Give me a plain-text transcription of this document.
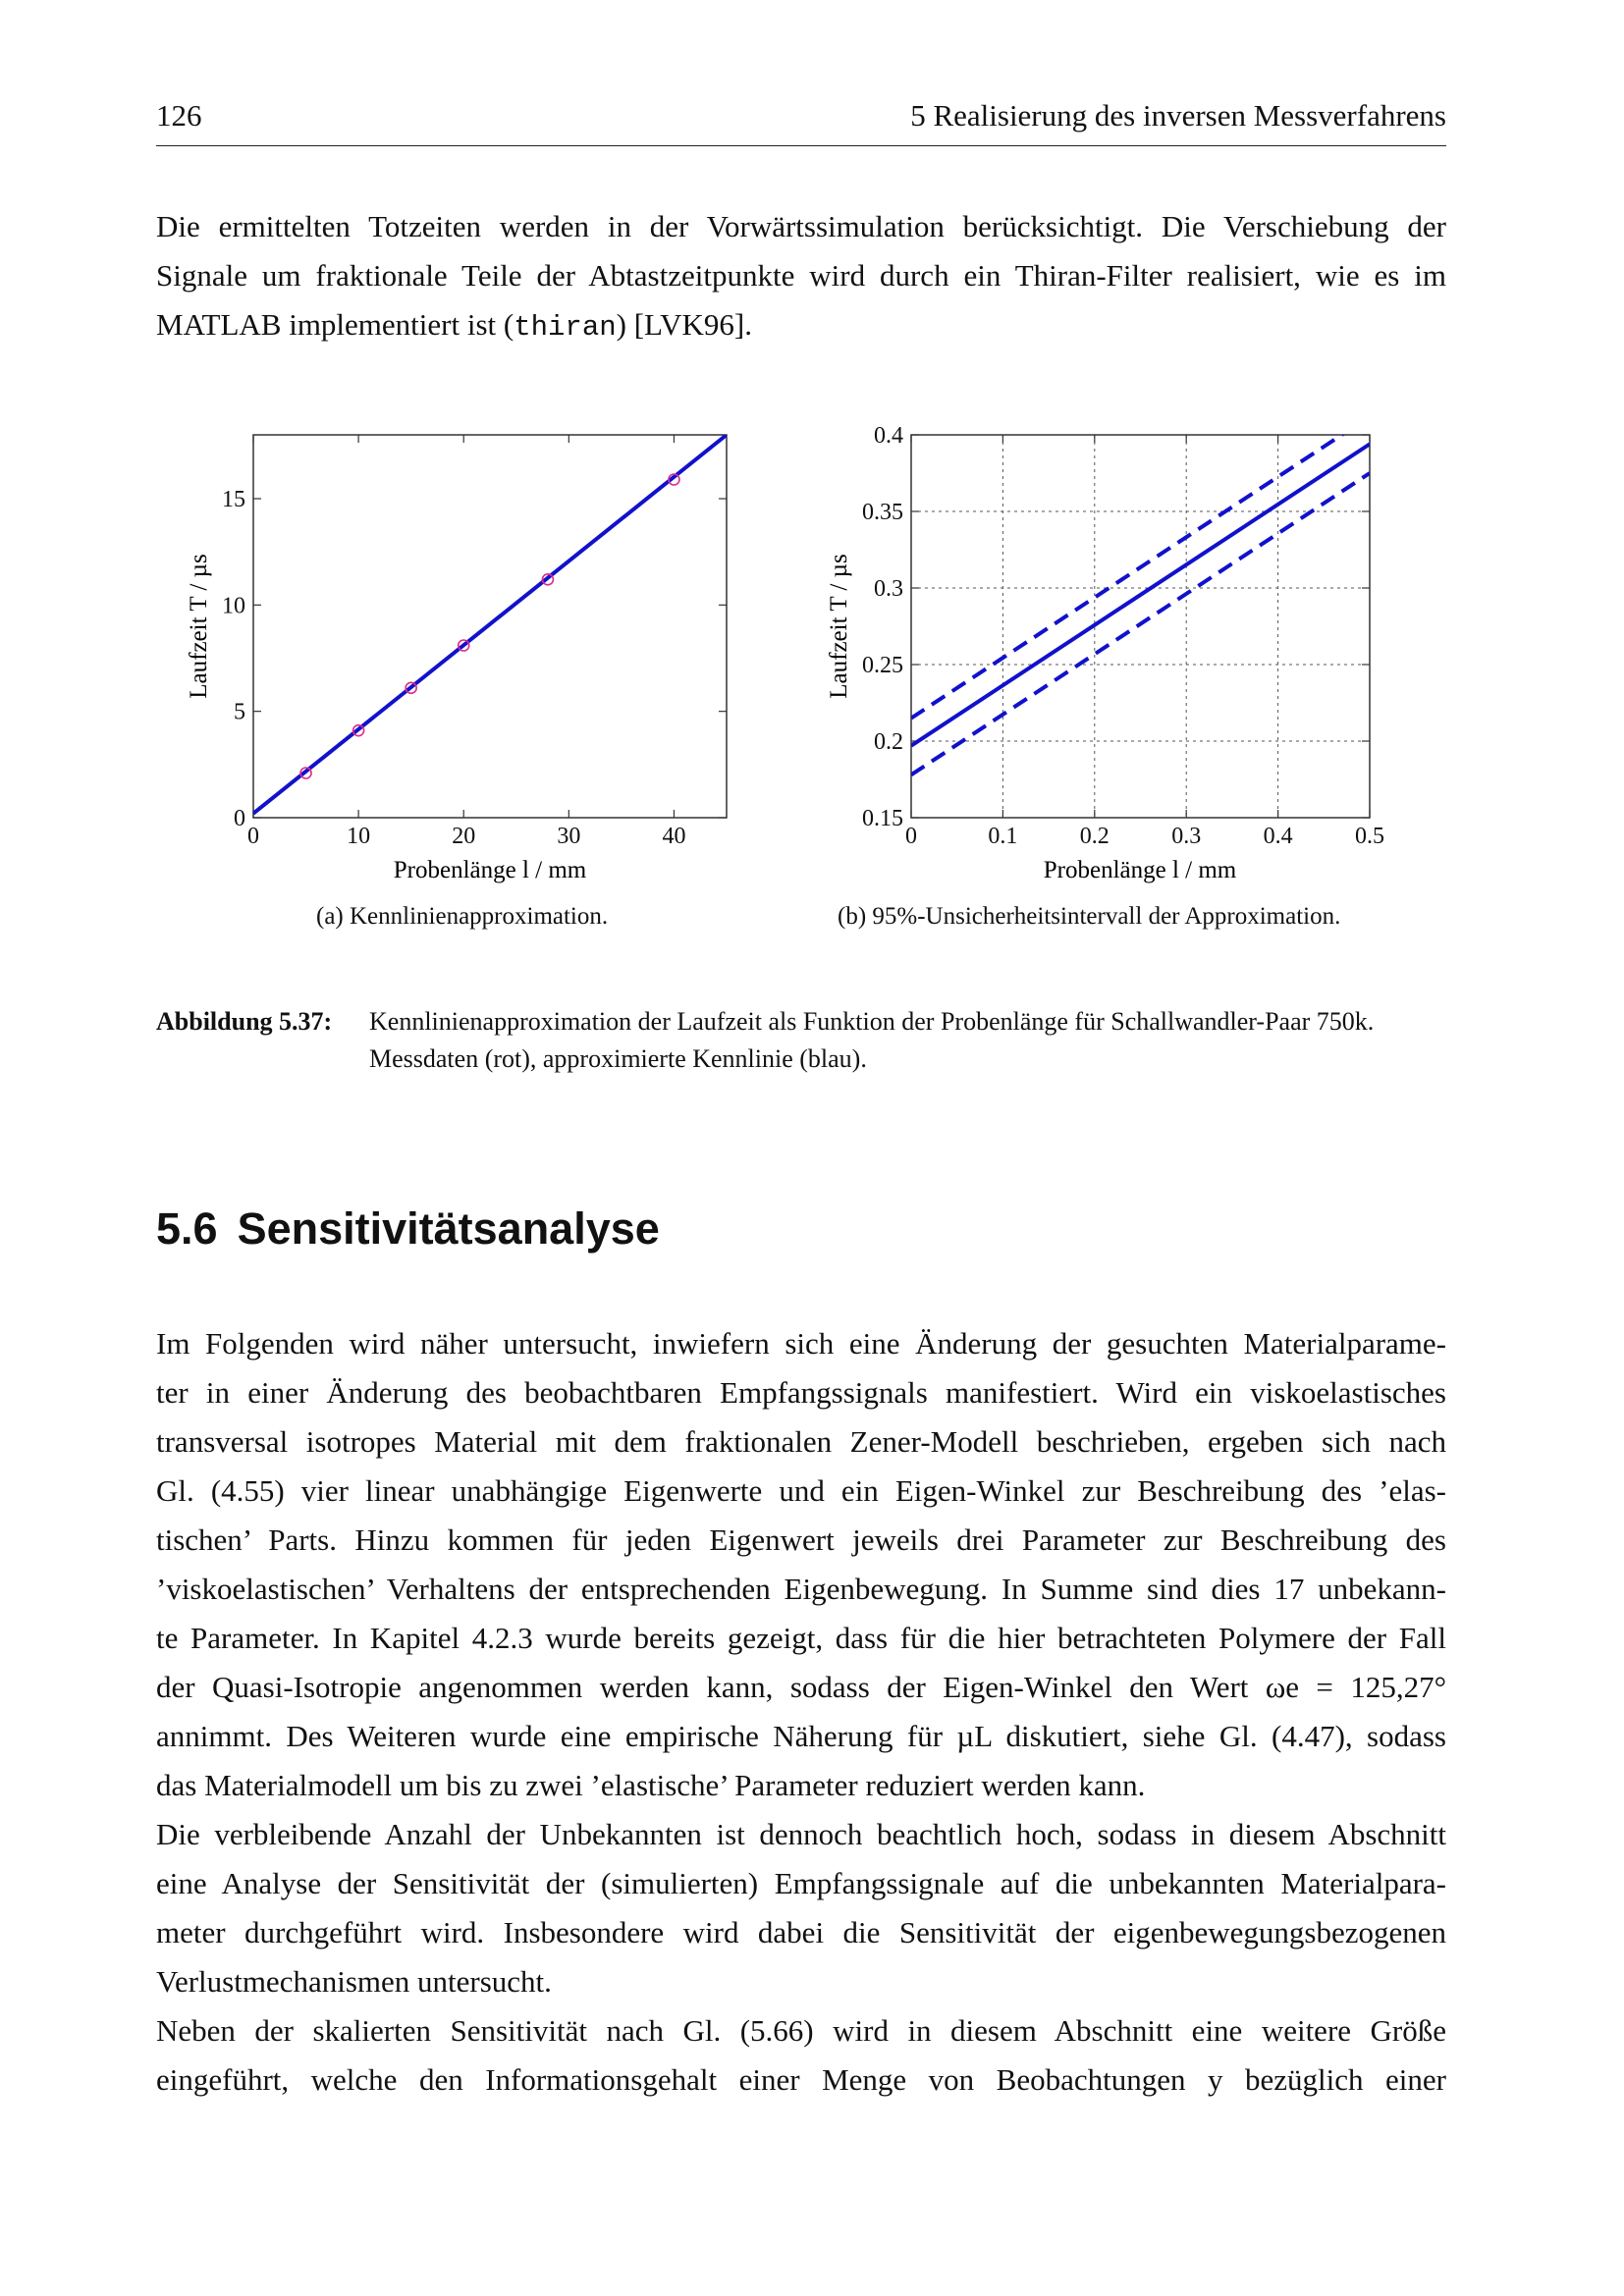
126	5 Realisierung des inversen Messverfahrens
Die ermittelten Totzeiten werden in der Vorwärtssimulation berücksichtigt. Die Verschiebung der
Signale um fraktionale Teile der Abtastzeitpunkte wird durch ein Thiran-Filter realisiert, wie es im
MATLAB implementiert ist (thiran) [LVK96].
0	10	20	30	40
0
5
10
15
Probenlänge l / mm
Laufzeit T / µs
0	0.1	0.2	0.3	0.4	0.5
0.15
0.2
0.25
0.3
0.35
0.4
Probenlänge l / mm
Laufzeit T / µs
(a) Kennlinienapproximation.	(b) 95%-Unsicherheitsintervall der Approximation.
Abbildung 5.37: Kennlinienapproximation der Laufzeit als Funktion der Probenlänge für Schallwandler-Paar 750k. Messdaten (rot), approximierte Kennlinie (blau).
5.6 Sensitivitätsanalyse
Im Folgenden wird näher untersucht, inwiefern sich eine Änderung der gesuchten Materialparame-
ter in einer Änderung des beobachtbaren Empfangssignals manifestiert. Wird ein viskoelastisches
transversal isotropes Material mit dem fraktionalen Zener-Modell beschrieben, ergeben sich nach
Gl. (4.55) vier linear unabhängige Eigenwerte und ein Eigen-Winkel zur Beschreibung des ’elas-
tischen’ Parts. Hinzu kommen für jeden Eigenwert jeweils drei Parameter zur Beschreibung des
’viskoelastischen’ Verhaltens der entsprechenden Eigenbewegung. In Summe sind dies 17 unbekann-
te Parameter. In Kapitel 4.2.3 wurde bereits gezeigt, dass für die hier betrachteten Polymere der Fall
der Quasi-Isotropie angenommen werden kann, sodass der Eigen-Winkel den Wert ωe = 125,27°
annimmt. Des Weiteren wurde eine empirische Näherung für µL diskutiert, siehe Gl. (4.47), sodass
das Materialmodell um bis zu zwei ’elastische’ Parameter reduziert werden kann.
Die verbleibende Anzahl der Unbekannten ist dennoch beachtlich hoch, sodass in diesem Abschnitt
eine Analyse der Sensitivität der (simulierten) Empfangssignale auf die unbekannten Materialpara-
meter durchgeführt wird. Insbesondere wird dabei die Sensitivität der eigenbewegungsbezogenen
Verlustmechanismen untersucht.
Neben der skalierten Sensitivität nach Gl. (5.66) wird in diesem Abschnitt eine weitere Größe
eingeführt, welche den Informationsgehalt einer Menge von Beobachtungen y bezüglich einer
